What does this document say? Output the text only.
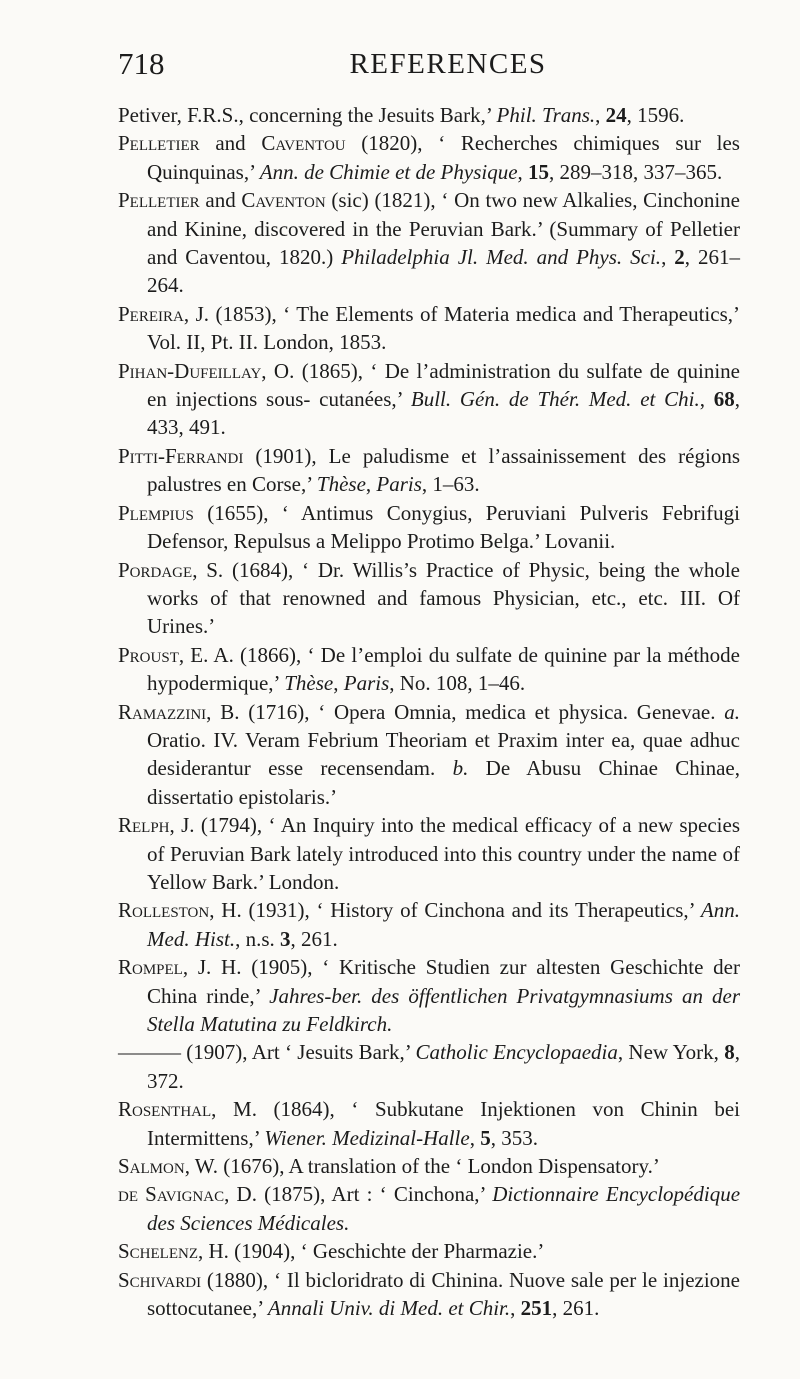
718	REFERENCES

Petiver, F.R.S., concerning the Jesuits Bark,’ Phil. Trans., 24, 1596.

Pelletier and Caventou (1820), ‘ Recherches chimiques sur les Quinquinas,’ Ann. de Chimie et de Physique, 15, 289–318, 337–365.

Pelletier and Caventon (sic) (1821), ‘ On two new Alkalies, Cinchonine and Kinine, discovered in the Peruvian Bark.’ (Summary of Pelletier and Caventou, 1820.) Philadelphia Jl. Med. and Phys. Sci., 2, 261–264.

Pereira, J. (1853), ‘ The Elements of Materia medica and Therapeutics,’ Vol. II, Pt. II. London, 1853.

Pihan-Dufeillay, O. (1865), ‘ De l’administration du sulfate de quinine en injections sous- cutanées,’ Bull. Gén. de Thér. Med. et Chi., 68, 433, 491.

Pitti-Ferrandi (1901), Le paludisme et l’assainissement des régions palustres en Corse,’ Thèse, Paris, 1–63.

Plempius (1655), ‘ Antimus Conygius, Peruviani Pulveris Febrifugi Defensor, Repulsus a Melippo Protimo Belga.’ Lovanii.

Pordage, S. (1684), ‘ Dr. Willis’s Practice of Physic, being the whole works of that renowned and famous Physician, etc., etc. III. Of Urines.’

Proust, E. A. (1866), ‘ De l’emploi du sulfate de quinine par la méthode hypodermique,’ Thèse, Paris, No. 108, 1–46.

Ramazzini, B. (1716), ‘ Opera Omnia, medica et physica. Genevae. a. Oratio. IV. Veram Febrium Theoriam et Praxim inter ea, quae adhuc desiderantur esse recensendam. b. De Abusu Chinae Chinae, dissertatio epistolaris.’

Relph, J. (1794), ‘ An Inquiry into the medical efficacy of a new species of Peruvian Bark lately introduced into this country under the name of Yellow Bark.’ London.

Rolleston, H. (1931), ‘ History of Cinchona and its Therapeutics,’ Ann. Med. Hist., n.s. 3, 261.

Rompel, J. H. (1905), ‘ Kritische Studien zur altesten Geschichte der China rinde,’ Jahres-ber. des öffentlichen Privatgymnasiums an der Stella Matutina zu Feldkirch.

——— (1907), Art ‘ Jesuits Bark,’ Catholic Encyclopaedia, New York, 8, 372.

Rosenthal, M. (1864), ‘ Subkutane Injektionen von Chinin bei Intermittens,’ Wiener. Medizinal-Halle, 5, 353.

Salmon, W. (1676), A translation of the ‘ London Dispensatory.’

de Savignac, D. (1875), Art : ‘ Cinchona,’ Dictionnaire Encyclopédique des Sciences Médicales.

Schelenz, H. (1904), ‘ Geschichte der Pharmazie.’

Schivardi (1880), ‘ Il bicloridrato di Chinina. Nuove sale per le injezione sottocutanee,’ Annali Univ. di Med. et Chir., 251, 261.
